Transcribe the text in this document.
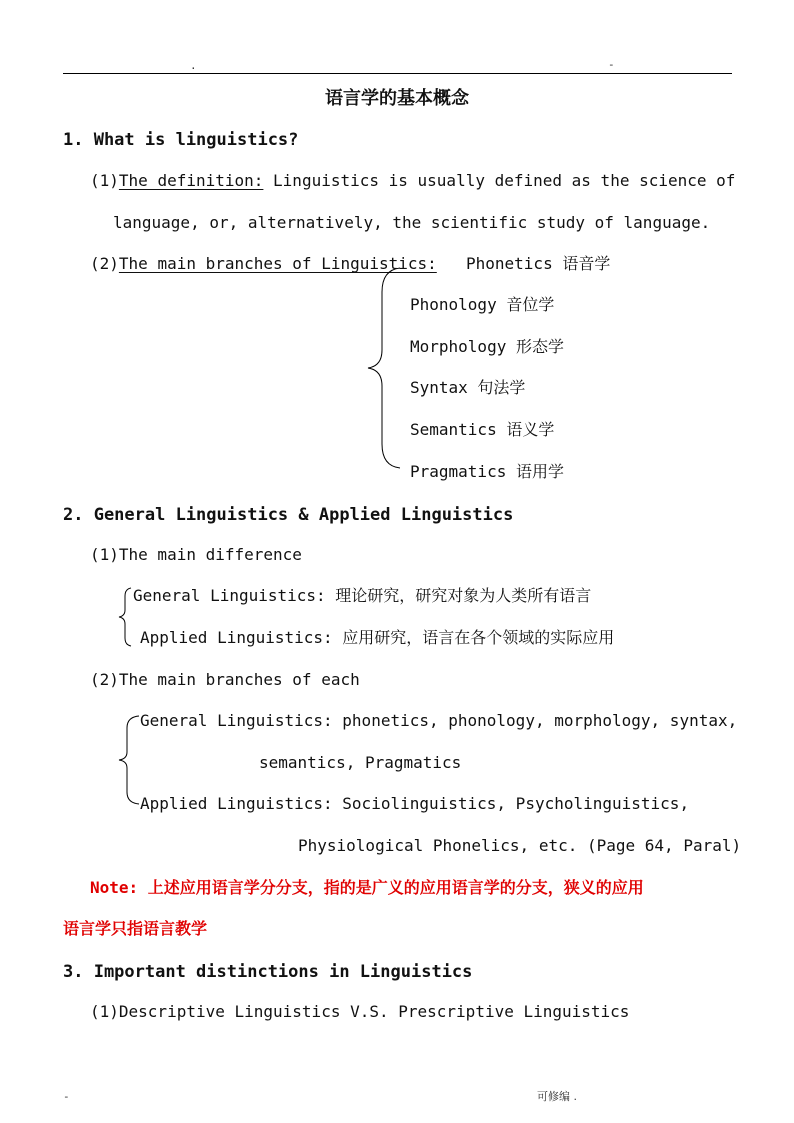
.	-
语言学的基本概念
1. What is linguistics?
(1)The definition: Linguistics is usually defined as the science of
language, or, alternatively, the scientific study of language.
(2)The main branches of Linguistics: Phonetics 语音学
Phonology 音位学
Morphology 形态学
Syntax 句法学
Semantics 语义学
Pragmatics 语用学
2. General Linguistics & Applied Linguistics
(1)The main difference
General Linguistics: 理论研究，研究对象为人类所有语言
Applied Linguistics: 应用研究，语言在各个领域的实际应用
(2)The main branches of each
General Linguistics: phonetics, phonology, morphology, syntax,
semantics, Pragmatics
Applied Linguistics: Sociolinguistics, Psycholinguistics,
Physiological Phonelics, etc. (Page 64, Paral)
Note: 上述应用语言学分分支，指的是广义的应用语言学的分支，狭义的应用
语言学只指语言教学
3. Important distinctions in Linguistics
(1)Descriptive Linguistics V.S. Prescriptive Linguistics
-	可修编 .
